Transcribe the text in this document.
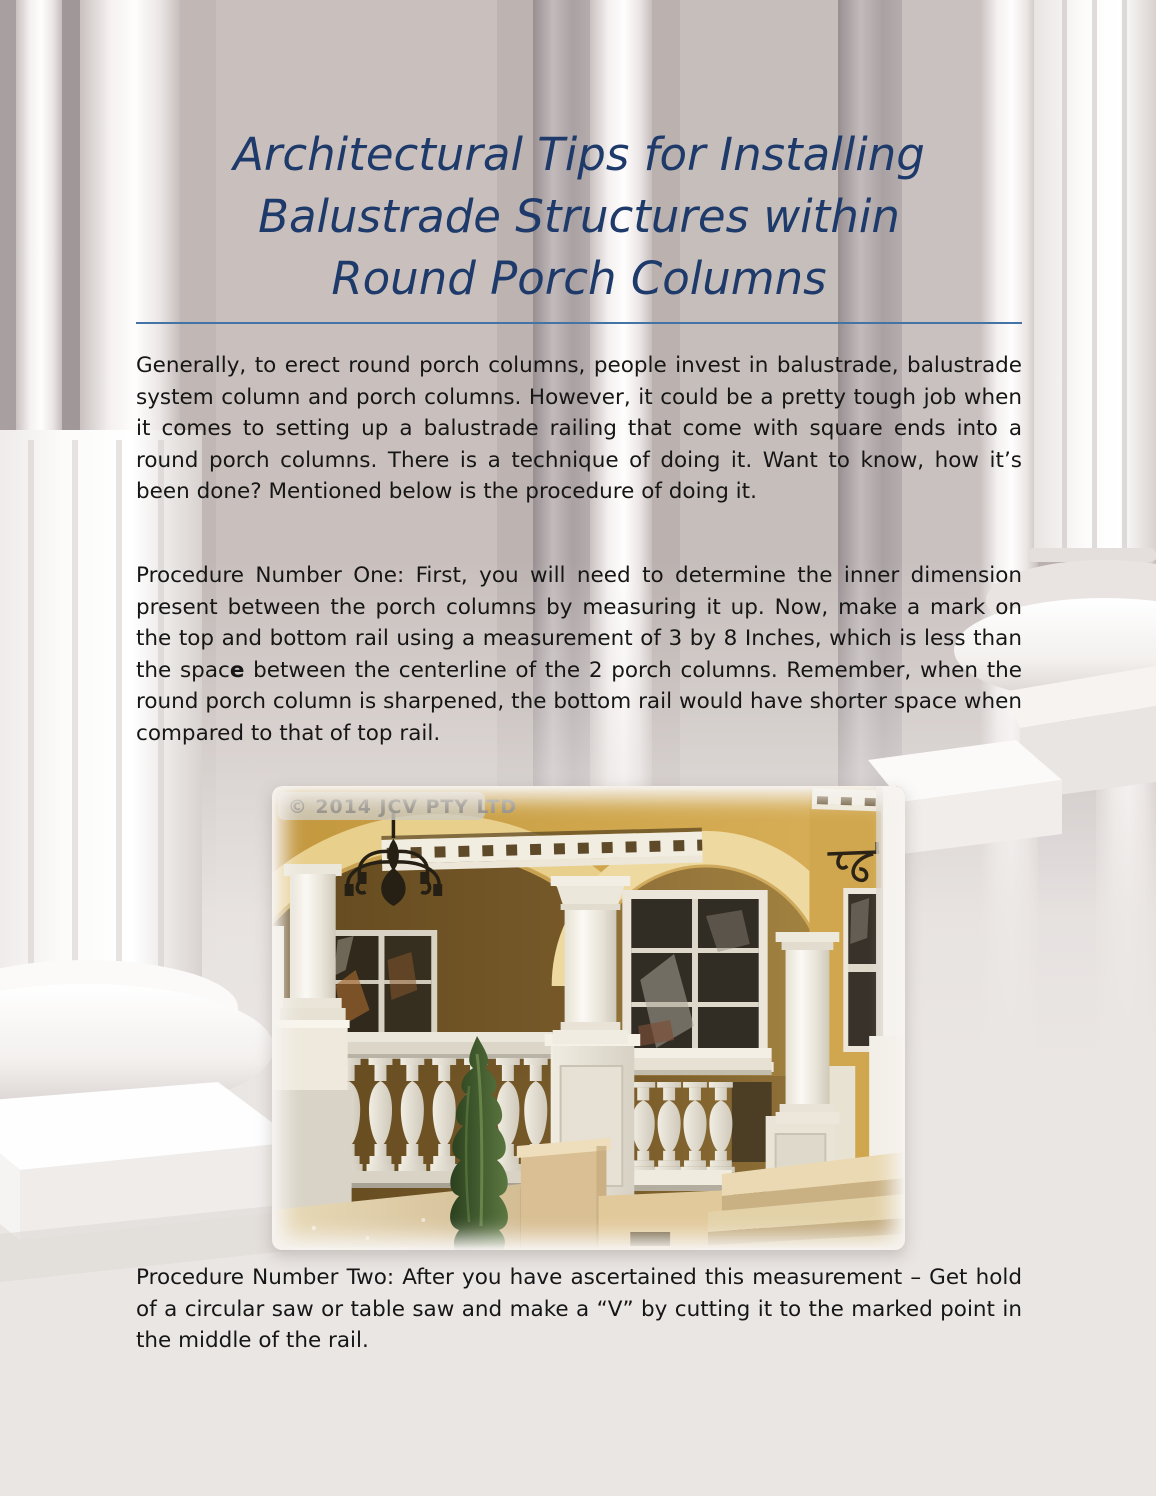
Architectural Tips for Installing
Balustrade Structures within
Round Porch Columns

Generally, to erect round porch columns, people invest in balustrade, balustrade system column and porch columns. However, it could be a pretty tough job when it comes to setting up a balustrade railing that come with square ends into a round porch columns. There is a technique of doing it. Want to know, how it’s been done? Mentioned below is the procedure of doing it.

Procedure Number One: First, you will need to determine the inner dimension present between the porch columns by measuring it up. Now, make a mark on the top and bottom rail using a measurement of 3 by 8 Inches, which is less than the space between the centerline of the 2 porch columns. Remember, when the round porch column is sharpened, the bottom rail would have shorter space when compared to that of top rail.

© 2014 JCV PTY LTD

Procedure Number Two: After you have ascertained this measurement – Get hold of a circular saw or table saw and make a “V” by cutting it to the marked point in the middle of the rail.
